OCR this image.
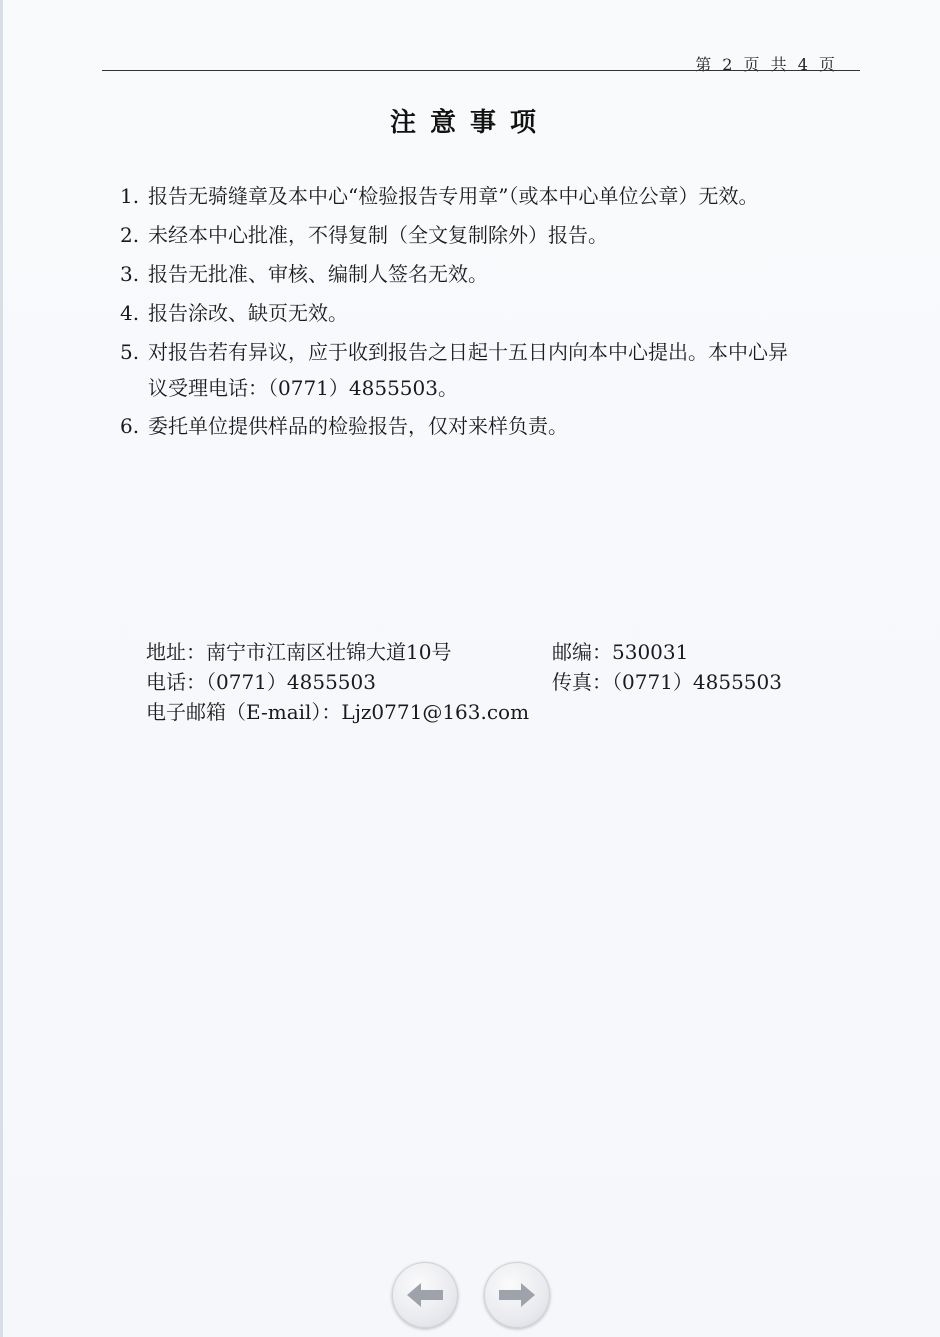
第 2 页 共 4 页
注意事项
1. 报告无骑缝章及本中心“检验报告专用章”（或本中心单位公章）无效。
2. 未经本中心批准，不得复制（全文复制除外）报告。
3. 报告无批准、审核、编制人签名无效。
4. 报告涂改、缺页无效。
5. 对报告若有异议，应于收到报告之日起十五日内向本中心提出。本中心异
议受理电话：（0771）4855503。
6. 委托单位提供样品的检验报告，仅对来样负责。
地址：南宁市江南区壮锦大道10号	邮编：530031
电话：（0771）4855503	传真：（0771）4855503
电子邮箱（E-mail）：Ljz0771@163.com
